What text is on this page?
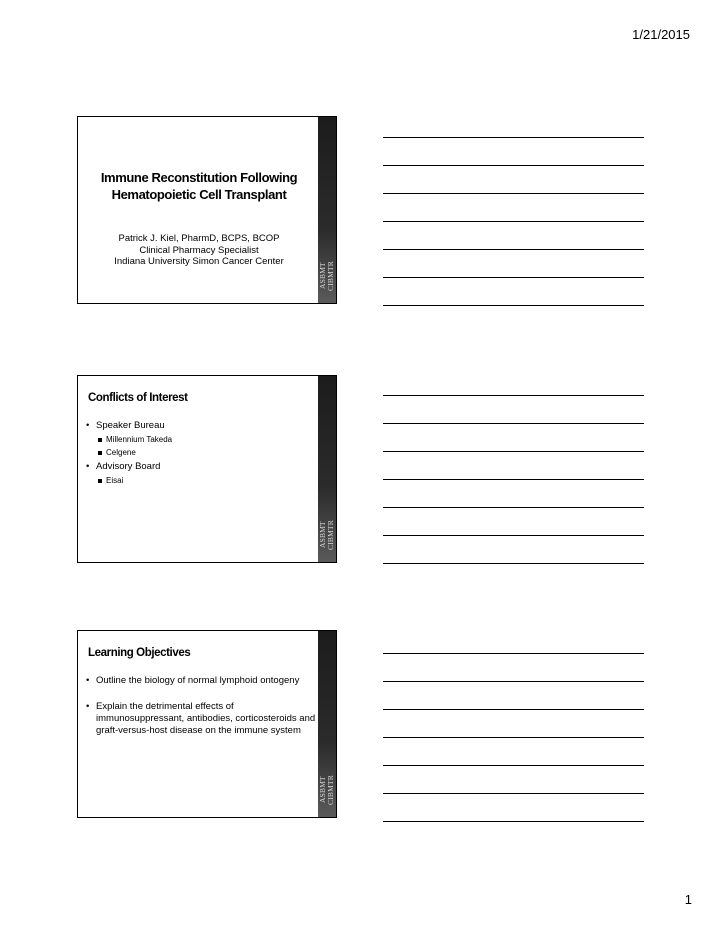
1/21/2015
Immune Reconstitution Following
Hematopoietic Cell Transplant
Patrick J. Kiel, PharmD, BCPS, BCOP
Clinical Pharmacy Specialist
Indiana University Simon Cancer Center
ASBMT
CIBMTR
Conflicts of Interest
• Speaker Bureau
Millennium Takeda
Celgene
• Advisory Board
Eisai
ASBMT
CIBMTR
Learning Objectives
• Outline the biology of normal lymphoid ontogeny
• Explain the detrimental effects of immunosuppressant, antibodies, corticosteroids and graft-versus-host disease on the immune system
ASBMT
CIBMTR
1
